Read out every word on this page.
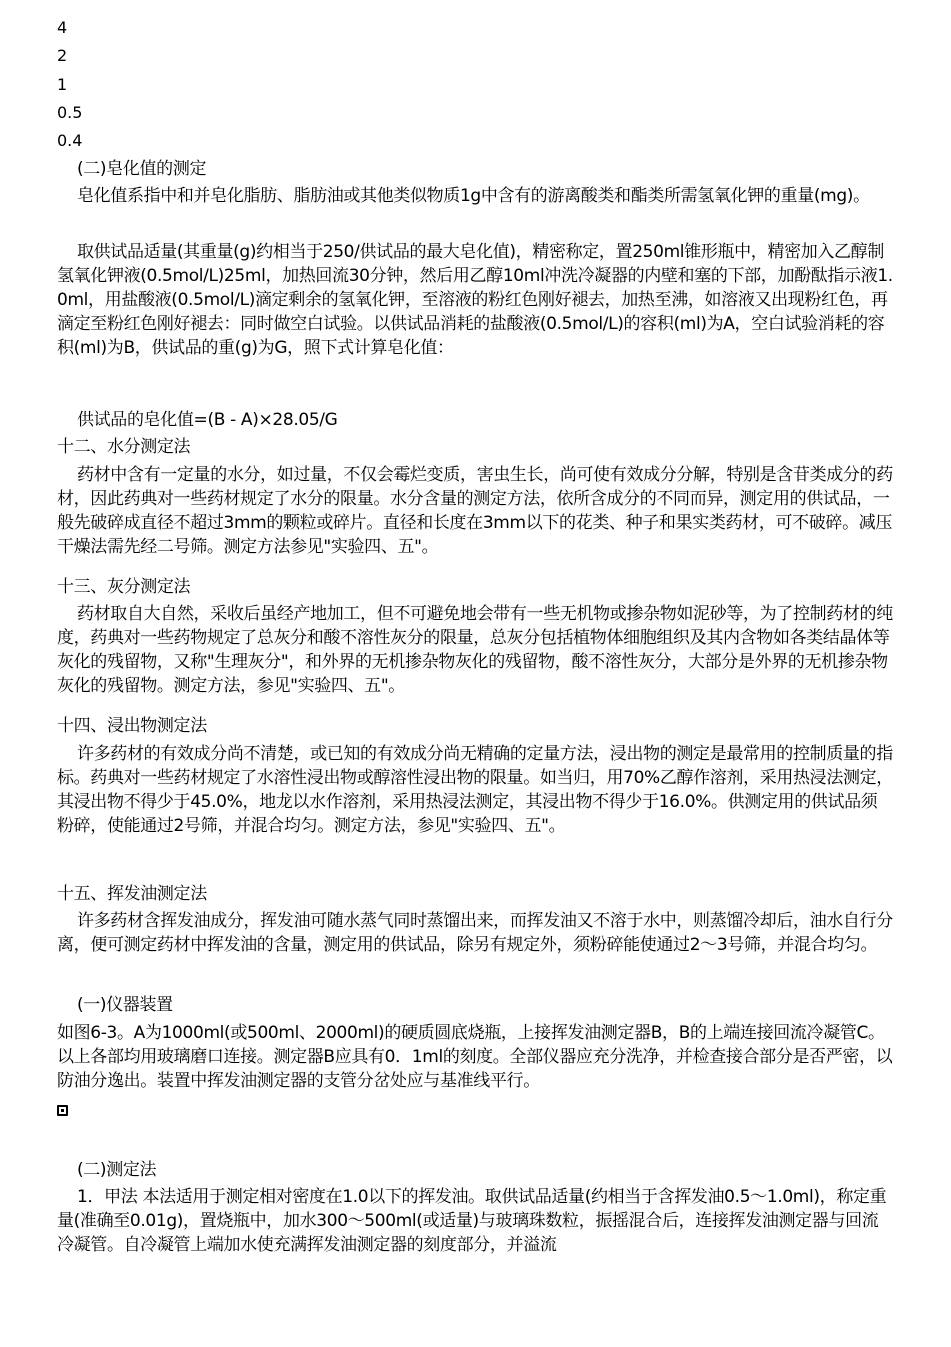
4

2

1

0.5

0.4

(二)皂化值的测定

皂化值系指中和并皂化脂肪、脂肪油或其他类似物质1g中含有的游离酸类和酯类所需氢氧化钾的重量(mg)。

取供试品适量(其重量(g)约相当于250/供试品的最大皂化值)，精密称定，置250ml锥形瓶中，精密加入乙醇制氢氧化钾液(0.5mol/L)25ml，加热回流30分钟，然后用乙醇10ml冲洗冷凝器的内壁和塞的下部，加酚酞指示液1.0ml，用盐酸液(0.5mol/L)滴定剩余的氢氧化钾，至溶液的粉红色刚好褪去，加热至沸，如溶液又出现粉红色，再滴定至粉红色刚好褪去：同时做空白试验。以供试品消耗的盐酸液(0.5mol/L)的容积(ml)为A，空白试验消耗的容积(ml)为B，供试品的重(g)为G，照下式计算皂化值：

供试品的皂化值=(B - A)×28.05/G

十二、水分测定法

药材中含有一定量的水分，如过量，不仅会霉烂变质，害虫生长，尚可使有效成分分解，特别是含苷类成分的药材，因此药典对一些药材规定了水分的限量。水分含量的测定方法，依所含成分的不同而异，测定用的供试品，一般先破碎成直径不超过3mm的颗粒或碎片。直径和长度在3mm以下的花类、种子和果实类药材，可不破碎。减压干燥法需先经二号筛。测定方法参见"实验四、五"。

十三、灰分测定法

药材取自大自然，采收后虽经产地加工，但不可避免地会带有一些无机物或掺杂物如泥砂等，为了控制药材的纯度，药典对一些药物规定了总灰分和酸不溶性灰分的限量，总灰分包括植物体细胞组织及其内含物如各类结晶体等灰化的残留物，又称"生理灰分"，和外界的无机掺杂物灰化的残留物，酸不溶性灰分，大部分是外界的无机掺杂物灰化的残留物。测定方法，参见"实验四、五"。

十四、浸出物测定法

许多药材的有效成分尚不清楚，或已知的有效成分尚无精确的定量方法，浸出物的测定是最常用的控制质量的指标。药典对一些药材规定了水溶性浸出物或醇溶性浸出物的限量。如当归，用70%乙醇作溶剂，采用热浸法测定，其浸出物不得少于45.0%，地龙以水作溶剂，采用热浸法测定，其浸出物不得少于16.0%。供测定用的供试品须粉碎，使能通过2号筛，并混合均匀。测定方法，参见"实验四、五"。

十五、挥发油测定法

许多药材含挥发油成分，挥发油可随水蒸气同时蒸馏出来，而挥发油又不溶于水中，则蒸馏冷却后，油水自行分离，便可测定药材中挥发油的含量，测定用的供试品，除另有规定外，须粉碎能使通过2～3号筛，并混合均匀。

(一)仪器装置

如图6-3。A为1000ml(或500ml、2000ml)的硬质圆底烧瓶，上接挥发油测定器B，B的上端连接回流冷凝管C。以上各部均用玻璃磨口连接。测定器B应具有0．1ml的刻度。全部仪器应充分洗净，并检查接合部分是否严密，以防油分逸出。装置中挥发油测定器的支管分岔处应与基准线平行。

(二)测定法

1．甲法 本法适用于测定相对密度在1.0以下的挥发油。取供试品适量(约相当于含挥发油0.5～1.0ml)，称定重量(准确至0.01g)，置烧瓶中，加水300～500ml(或适量)与玻璃珠数粒，振摇混合后，连接挥发油测定器与回流冷凝管。自冷凝管上端加水使充满挥发油测定器的刻度部分，并溢流
